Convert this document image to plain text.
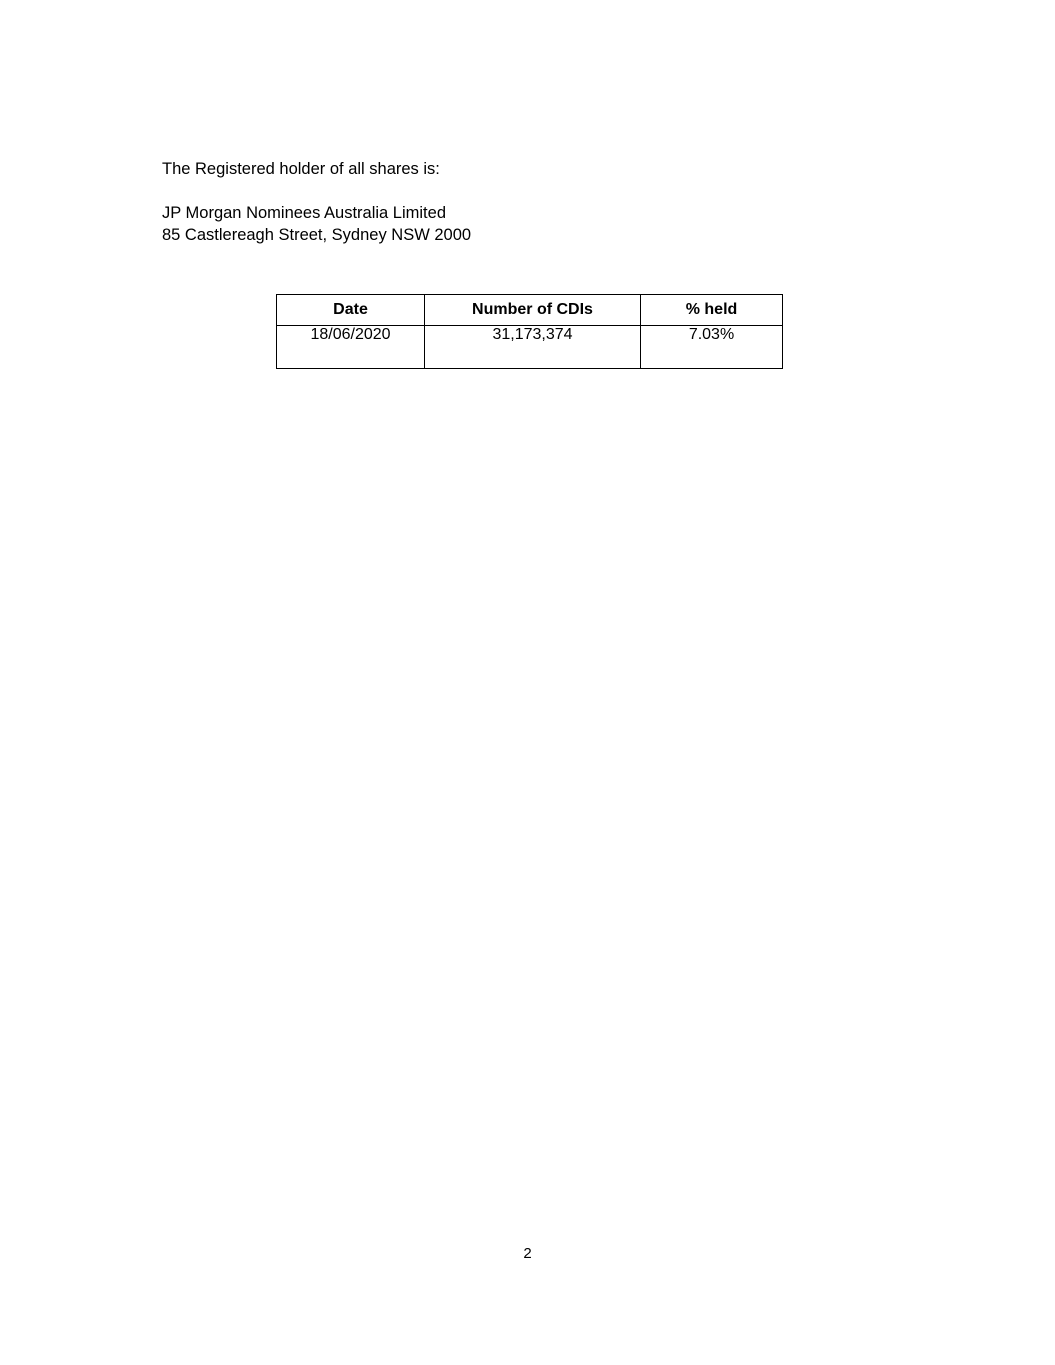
The Registered holder of all shares is:
JP Morgan Nominees Australia Limited
85 Castlereagh Street, Sydney NSW 2000
Date	Number of CDIs	% held
18/06/2020	31,173,374	7.03%
2
